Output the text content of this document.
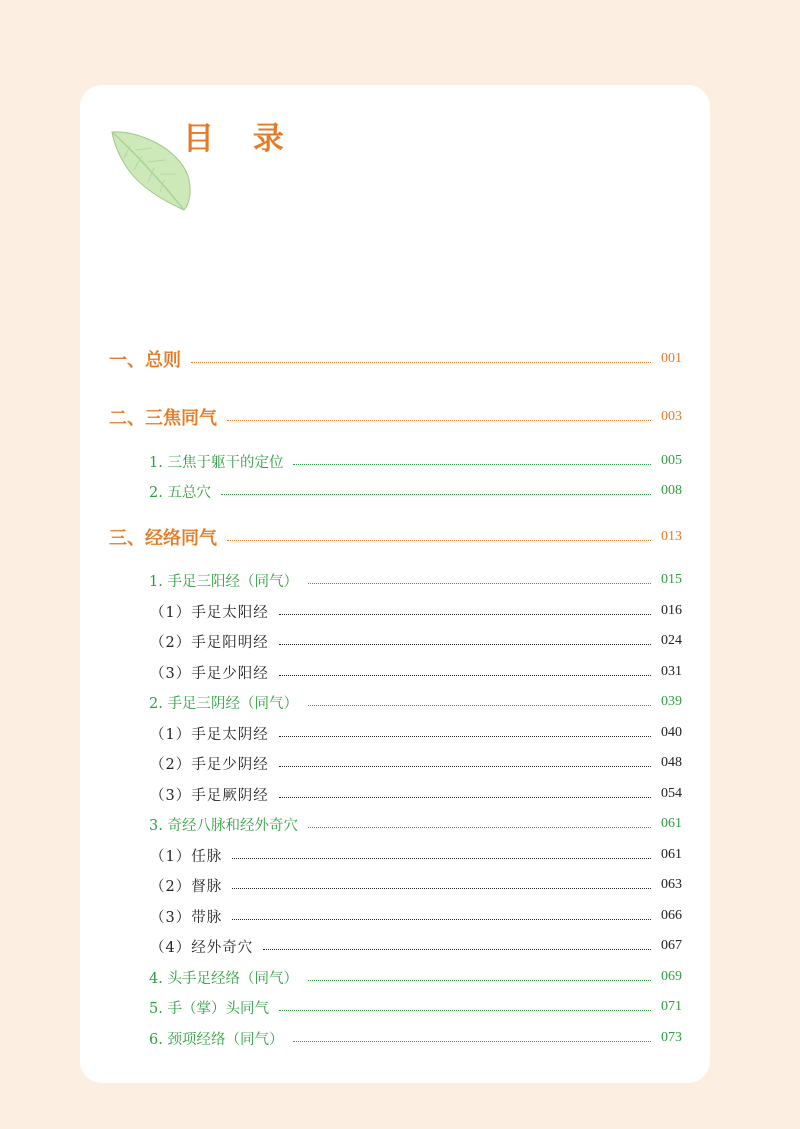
目 录
一、总则	001
二、三焦同气	003
1. 三焦于躯干的定位	005
2. 五总穴	008
三、经络同气	013
1. 手足三阳经（同气）	015
（1）手足太阳经	016
（2）手足阳明经	024
（3）手足少阳经	031
2. 手足三阴经（同气）	039
（1）手足太阴经	040
（2）手足少阴经	048
（3）手足厥阴经	054
3. 奇经八脉和经外奇穴	061
（1）任脉	061
（2）督脉	063
（3）带脉	066
（4）经外奇穴	067
4. 头手足经络（同气）	069
5. 手（掌）头同气	071
6. 颈项经络（同气）	073
